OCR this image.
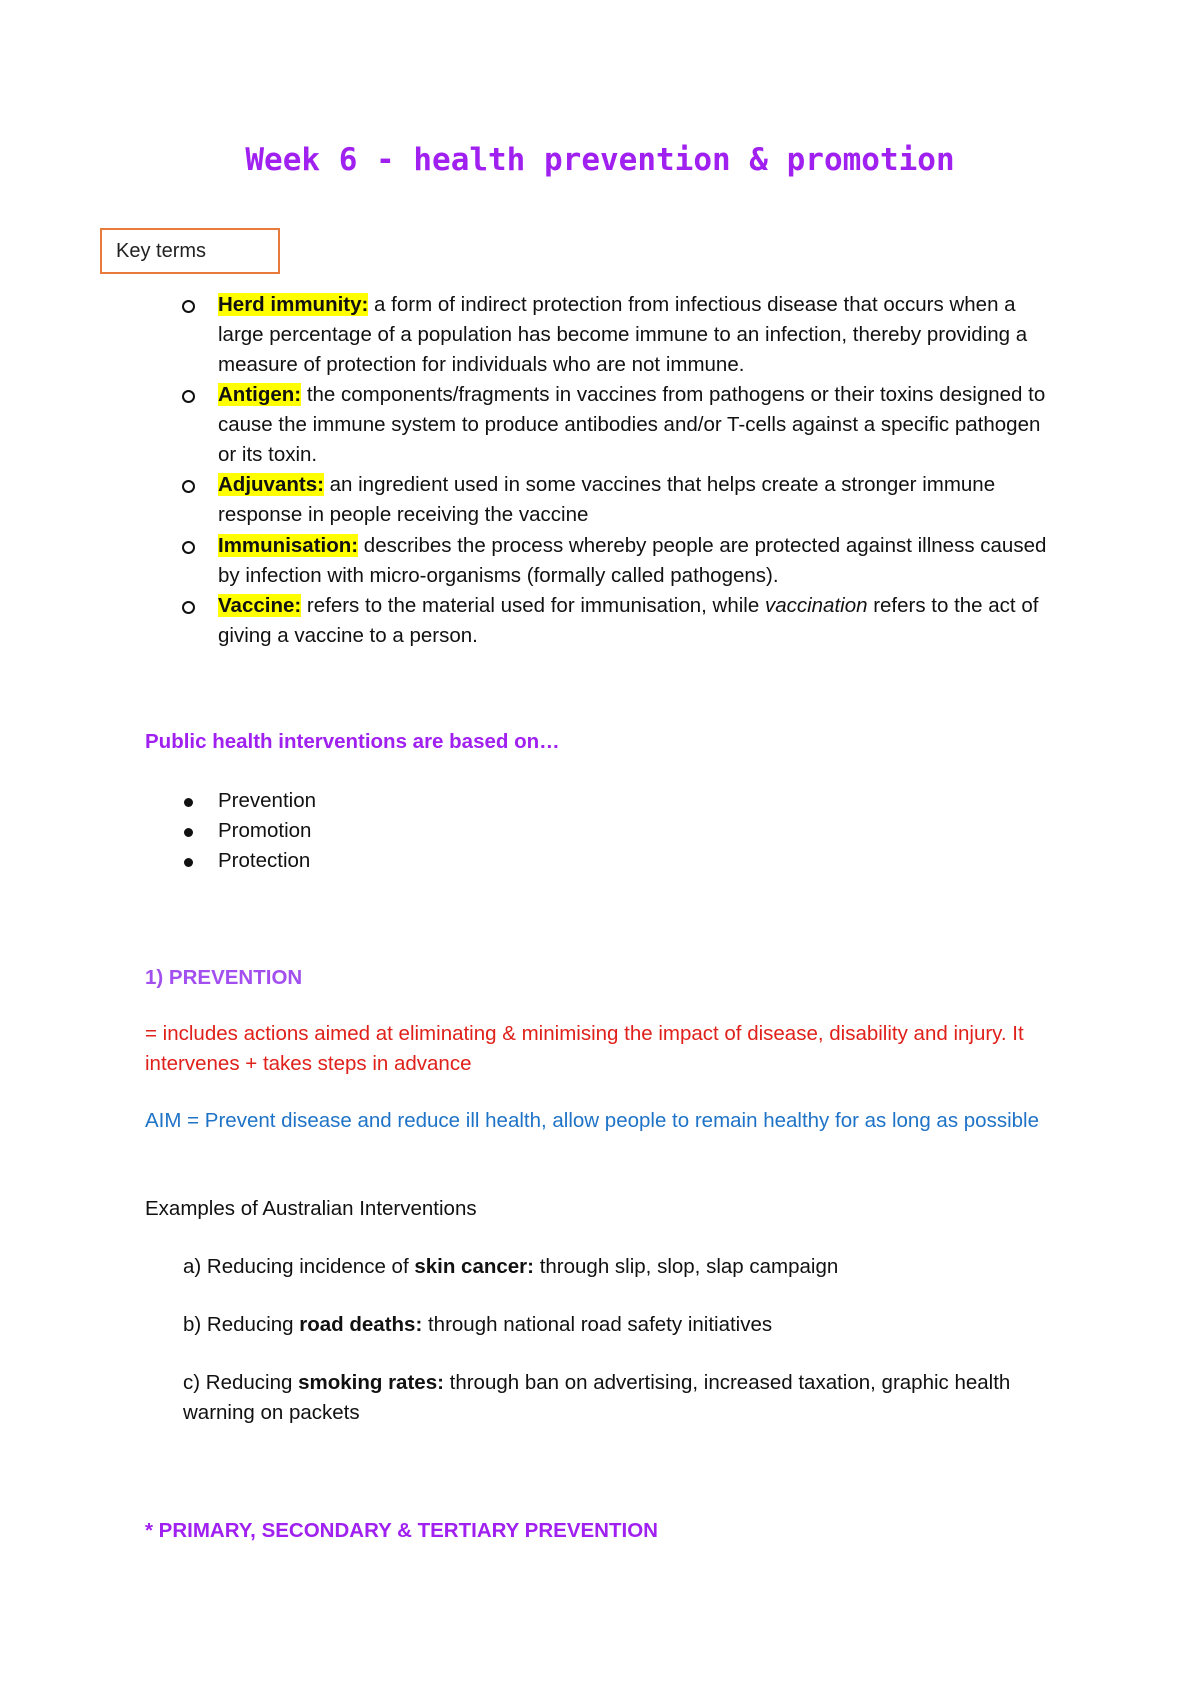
Week 6 - health prevention & promotion
Key terms
Herd immunity: a form of indirect protection from infectious disease that occurs when a large percentage of a population has become immune to an infection, thereby providing a measure of protection for individuals who are not immune.
Antigen: the components/fragments in vaccines from pathogens or their toxins designed to cause the immune system to produce antibodies and/or T-cells against a specific pathogen or its toxin.
Adjuvants: an ingredient used in some vaccines that helps create a stronger immune response in people receiving the vaccine
Immunisation: describes the process whereby people are protected against illness caused by infection with micro-organisms (formally called pathogens).
Vaccine: refers to the material used for immunisation, while vaccination refers to the act of giving a vaccine to a person.
Public health interventions are based on…
Prevention
Promotion
Protection
1) PREVENTION
= includes actions aimed at eliminating & minimising the impact of disease, disability and injury. It intervenes + takes steps in advance
AIM = Prevent disease and reduce ill health, allow people to remain healthy for as long as possible
Examples of Australian Interventions
a) Reducing incidence of skin cancer: through slip, slop, slap campaign
b) Reducing road deaths: through national road safety initiatives
c) Reducing smoking rates: through ban on advertising, increased taxation, graphic health warning on packets
* PRIMARY, SECONDARY & TERTIARY PREVENTION
